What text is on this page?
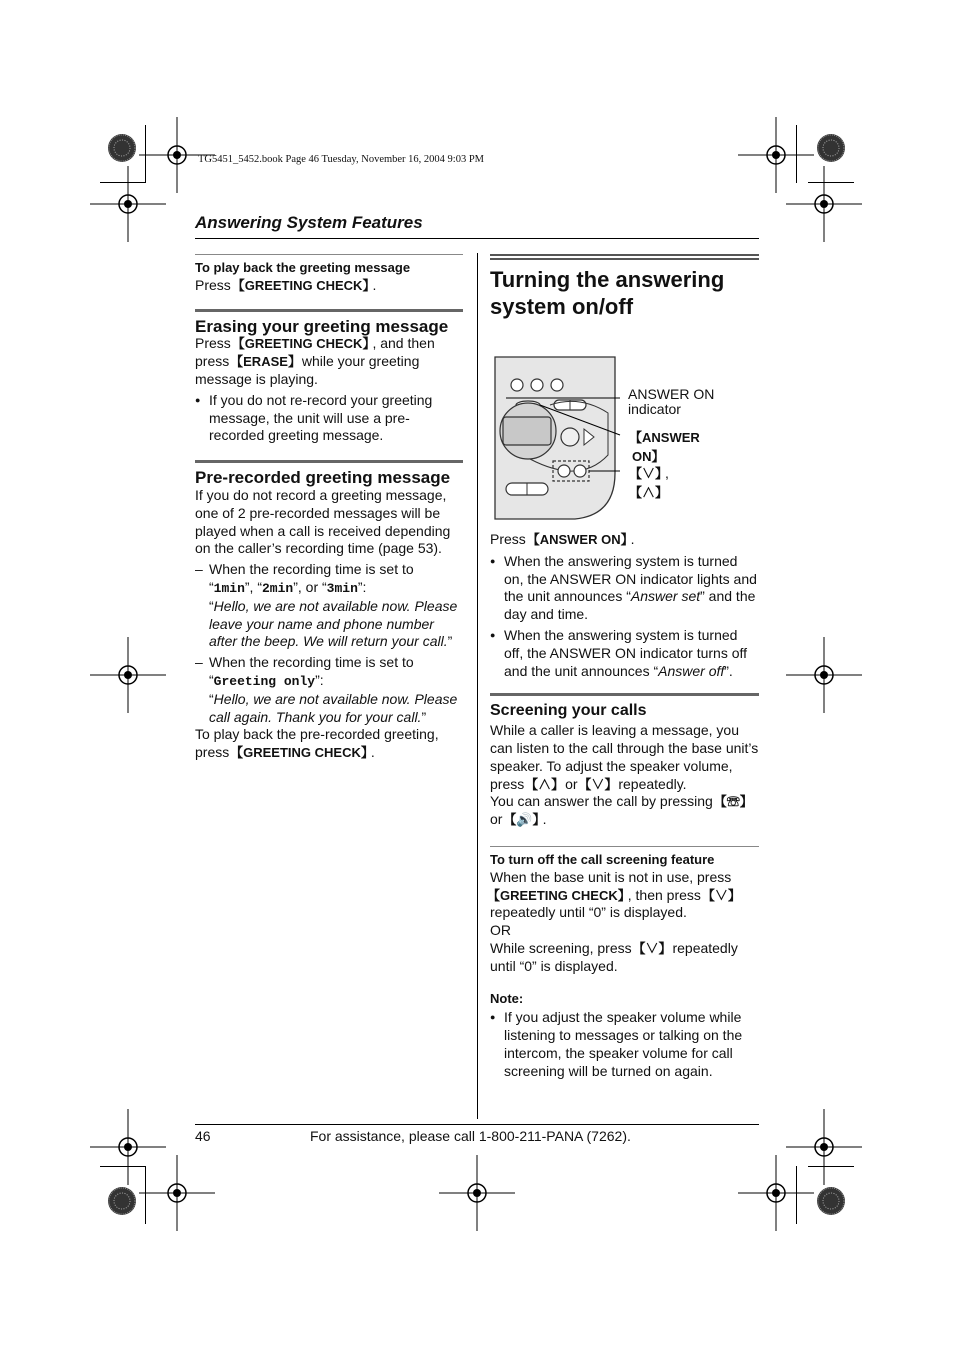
TG5451_5452.book Page 46 Tuesday, November 16, 2004 9:03 PM
Answering System Features

To play back the greeting message

Press 【 GREETING CHECK 】 .

Erasing your greeting message

Press 【 GREETING CHECK 】 , and then

press 【 ERASE 】 while your greeting

message is playing.

● If you do not re-record your greeting message, the unit will use a pre-recorded greeting message.

Pre-recorded greeting message

If you do not record a greeting message, one of 2 pre-recorded messages will be played when a call is received depending on the caller’s recording time (page 53).

– When the recording time is set to

“1min”, “2min”, or “3min”:

“Hello, we are not available now. Please leave your name and phone number after the beep. We will return your call.”

– When the recording time is set to

“Greeting only”:

“Hello, we are not available now. Please call again. Thank you for your call.”

To play back the pre-recorded greeting,

press 【 GREETING CHECK 】 .

Turning the answering
system on/off

ANSWER ON
indicator
【 ANSWER ON 】
【 ∨ 】 , 【 ∧ 】

Press 【 ANSWER ON 】 .

● When the answering system is turned on, the ANSWER ON indicator lights and the unit announces “Answer set” and the day and time.

● When the answering system is turned off, the ANSWER ON indicator turns off and the unit announces “Answer off”.

Screening your calls

While a caller is leaving a message, you can listen to the call through the base unit’s speaker. To adjust the speaker volume, press 【 ∧ 】 or 【 ∨ 】 repeatedly.

You can answer the call by pressing 【 ☏ 】
or 【 🔊 】 .

To turn off the call screening feature

When the base unit is not in use, press

【 GREETING CHECK 】 , then press 【 ∨ 】

repeatedly until “0” is displayed.

OR

While screening, press 【 ∨ 】 repeatedly

until “0” is displayed.

Note:

● If you adjust the speaker volume while listening to messages or talking on the intercom, the speaker volume for call screening will be turned on again.

46	For assistance, please call 1-800-211-PANA (7262).
